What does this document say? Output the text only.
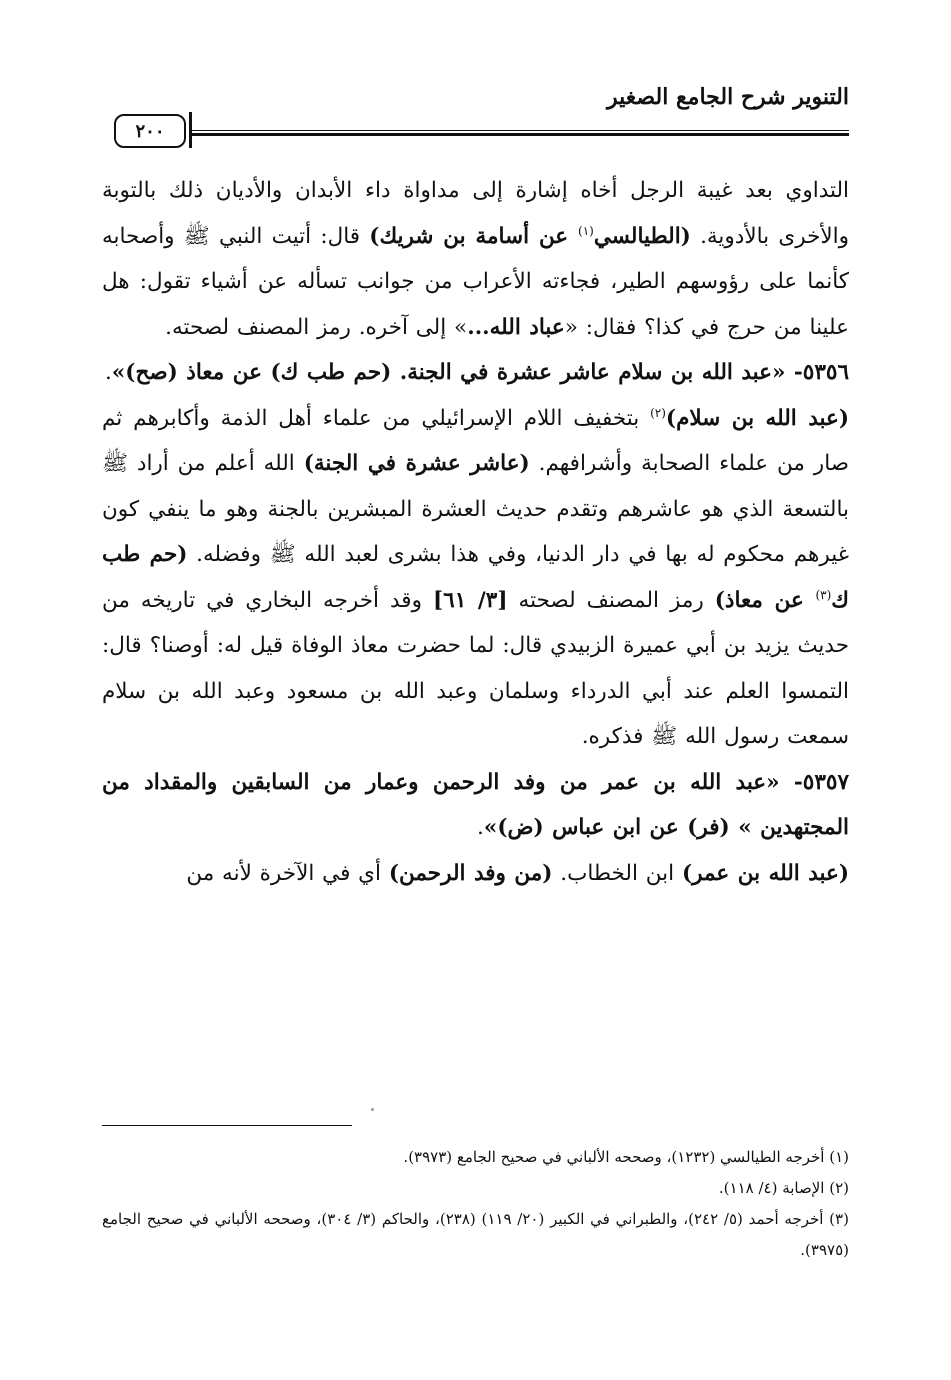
التنوير شرح الجامع الصغير
٢٠٠

التداوي بعد غيبة الرجل أخاه إشارة إلى مداواة داء الأبدان والأديان ذلك بالتوبة والأخرى بالأدوية. (الطيالسي$^{(١)}$ عن أسامة بن شريك) قال: أتيت النبي ﷺ وأصحابه كأنما على رؤوسهم الطير، فجاءته الأعراب من جوانب تسأله عن أشياء تقول: هل علينا من حرج في كذا؟ فقال: «عباد الله...» إلى آخره. رمز المصنف لصحته.

٥٣٥٦- «عبد الله بن سلام عاشر عشرة في الجنة. (حم طب ك) عن معاذ (صح)».

(عبد الله بن سلام)$^{(٢)}$ بتخفيف اللام الإسرائيلي من علماء أهل الذمة وأكابرهم ثم صار من علماء الصحابة وأشرافهم. (عاشر عشرة في الجنة) الله أعلم من أراد ﷺ بالتسعة الذي هو عاشرهم وتقدم حديث العشرة المبشرين بالجنة وهو ما ينفي كون غيرهم محكوم له بها في دار الدنيا، وفي هذا بشرى لعبد الله ﷺ وفضله. (حم طب ك$^{(٣)}$ عن معاذ) رمز المصنف لصحته [٣/ ٦١] وقد أخرجه البخاري في تاريخه من حديث يزيد بن أبي عميرة الزبيدي قال: لما حضرت معاذ الوفاة قيل له: أوصنا؟ قال: التمسوا العلم عند أبي الدرداء وسلمان وعبد الله بن مسعود وعبد الله بن سلام سمعت رسول الله ﷺ فذكره.

٥٣٥٧- «عبد الله بن عمر من وفد الرحمن وعمار من السابقين والمقداد من المجتهدين » (فر) عن ابن عباس (ض)».

(عبد الله بن عمر) ابن الخطاب. (من وفد الرحمن) أي في الآخرة لأنه من

(١) أخرجه الطيالسي (١٢٣٢)، وصححه الألباني في صحيح الجامع (٣٩٧٣).

(٢) الإصابة (٤/ ١١٨).

(٣) أخرجه أحمد (٥/ ٢٤٢)، والطبراني في الكبير (٢٠/ ١١٩) (٢٣٨)، والحاكم (٣/ ٣٠٤)، وصححه الألباني في صحيح الجامع (٣٩٧٥).
